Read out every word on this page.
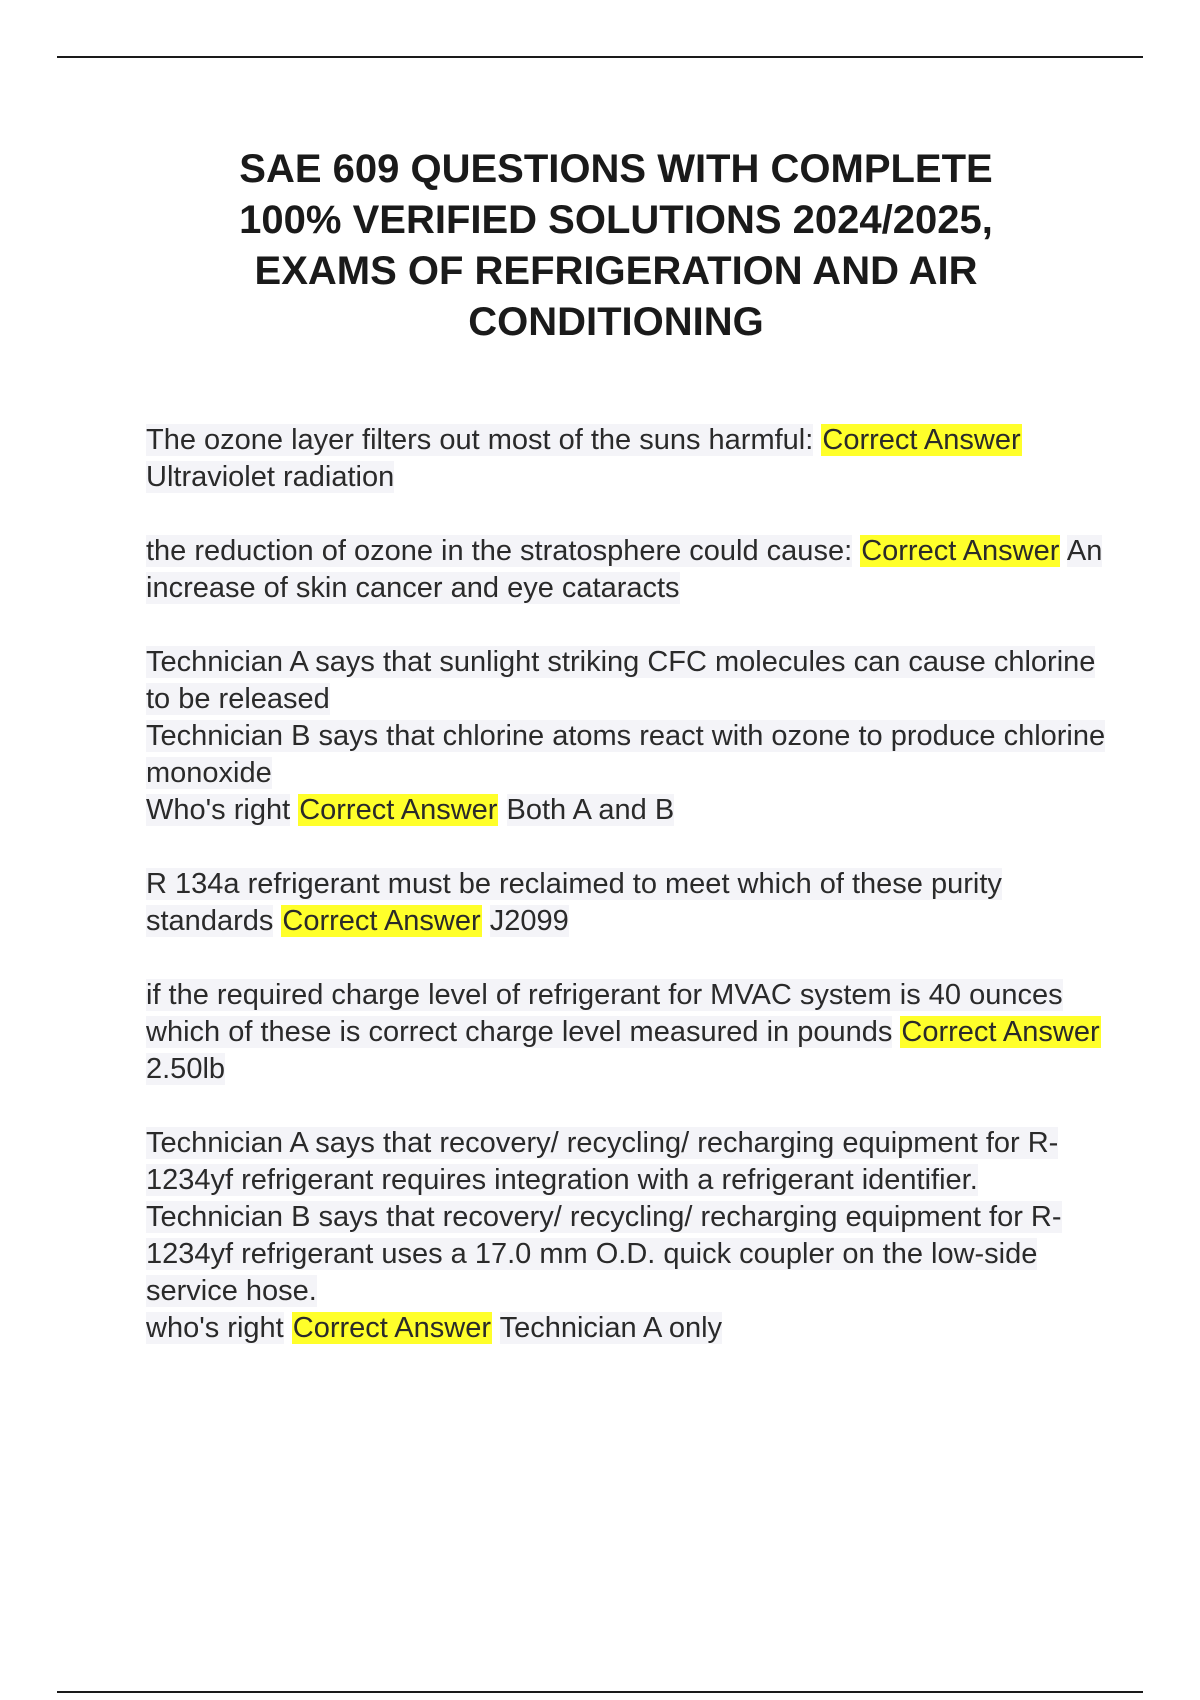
SAE 609 QUESTIONS WITH COMPLETE
100% VERIFIED SOLUTIONS 2024/2025,
EXAMS OF REFRIGERATION AND AIR
CONDITIONING

The ozone layer filters out most of the suns harmful: Correct Answer Ultraviolet radiation

the reduction of ozone in the stratosphere could cause: Correct Answer An increase of skin cancer and eye cataracts

Technician A says that sunlight striking CFC molecules can cause chlorine to be released
Technician B says that chlorine atoms react with ozone to produce chlorine monoxide
Who's right Correct Answer Both A and B

R 134a refrigerant must be reclaimed to meet which of these purity standards Correct Answer J2099

if the required charge level of refrigerant for MVAC system is 40 ounces which of these is correct charge level measured in pounds Correct Answer 2.50lb

Technician A says that recovery/ recycling/ recharging equipment for R-1234yf refrigerant requires integration with a refrigerant identifier.
Technician B says that recovery/ recycling/ recharging equipment for R-1234yf refrigerant uses a 17.0 mm O.D. quick coupler on the low-side service hose.
who's right Correct Answer Technician A only
